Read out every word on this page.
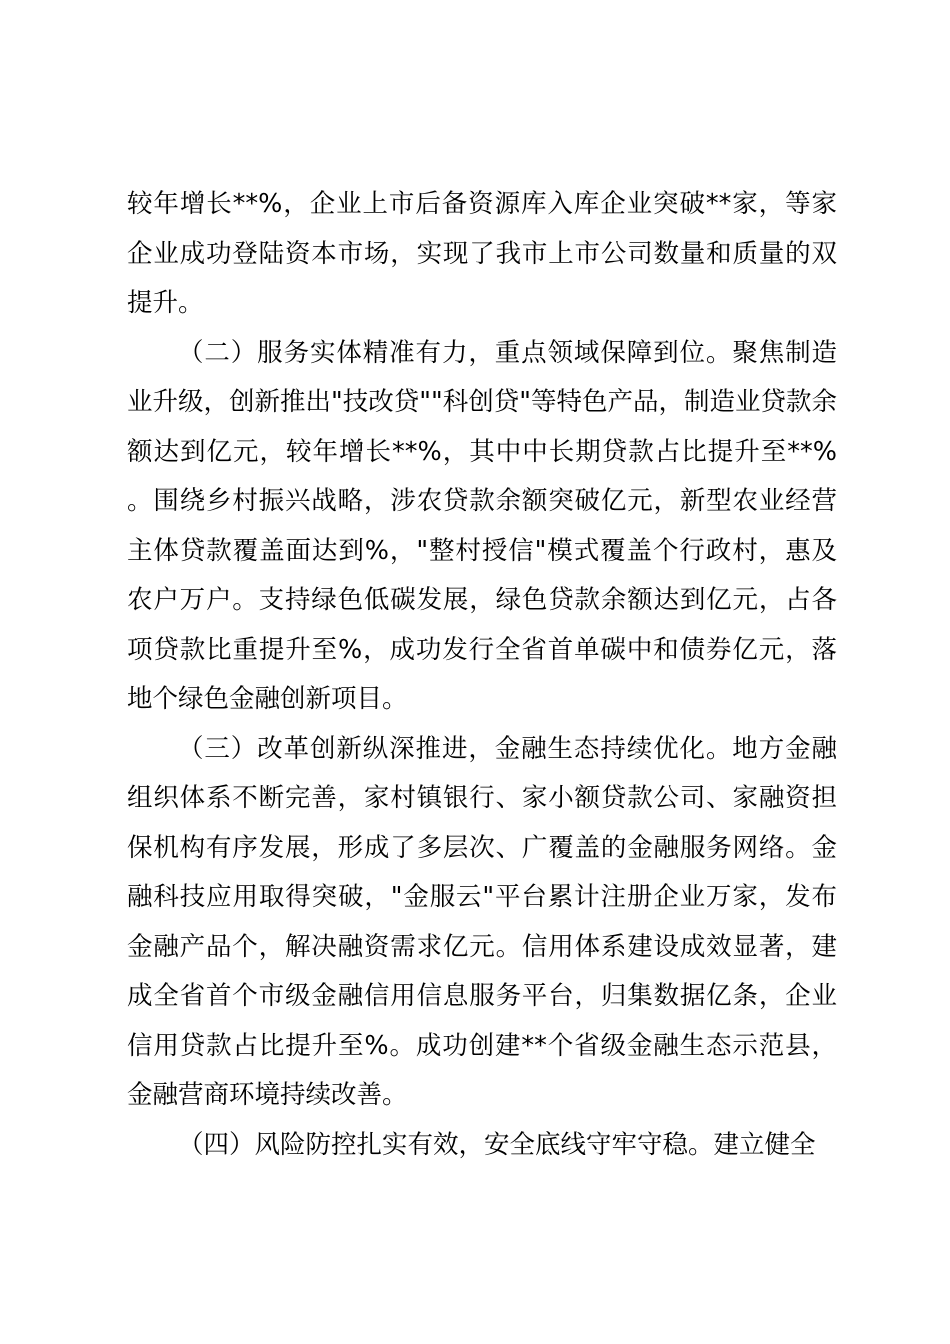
较年增长**%，企业上市后备资源库入库企业突破**家，等家企业成功登陆资本市场，实现了我市上市公司数量和质量的双提升。

（二）服务实体精准有力，重点领域保障到位。聚焦制造业升级，创新推出"技改贷""科创贷"等特色产品，制造业贷款余额达到亿元，较年增长**%，其中中长期贷款占比提升至**%。围绕乡村振兴战略，涉农贷款余额突破亿元，新型农业经营主体贷款覆盖面达到%，"整村授信"模式覆盖个行政村，惠及农户万户。支持绿色低碳发展，绿色贷款余额达到亿元，占各项贷款比重提升至%，成功发行全省首单碳中和债券亿元，落地个绿色金融创新项目。

（三）改革创新纵深推进，金融生态持续优化。地方金融组织体系不断完善，家村镇银行、家小额贷款公司、家融资担保机构有序发展，形成了多层次、广覆盖的金融服务网络。金融科技应用取得突破，"金服云"平台累计注册企业万家，发布金融产品个，解决融资需求亿元。信用体系建设成效显著，建成全省首个市级金融信用信息服务平台，归集数据亿条，企业信用贷款占比提升至%。成功创建**个省级金融生态示范县，金融营商环境持续改善。

（四）风险防控扎实有效，安全底线守牢守稳。建立健全
